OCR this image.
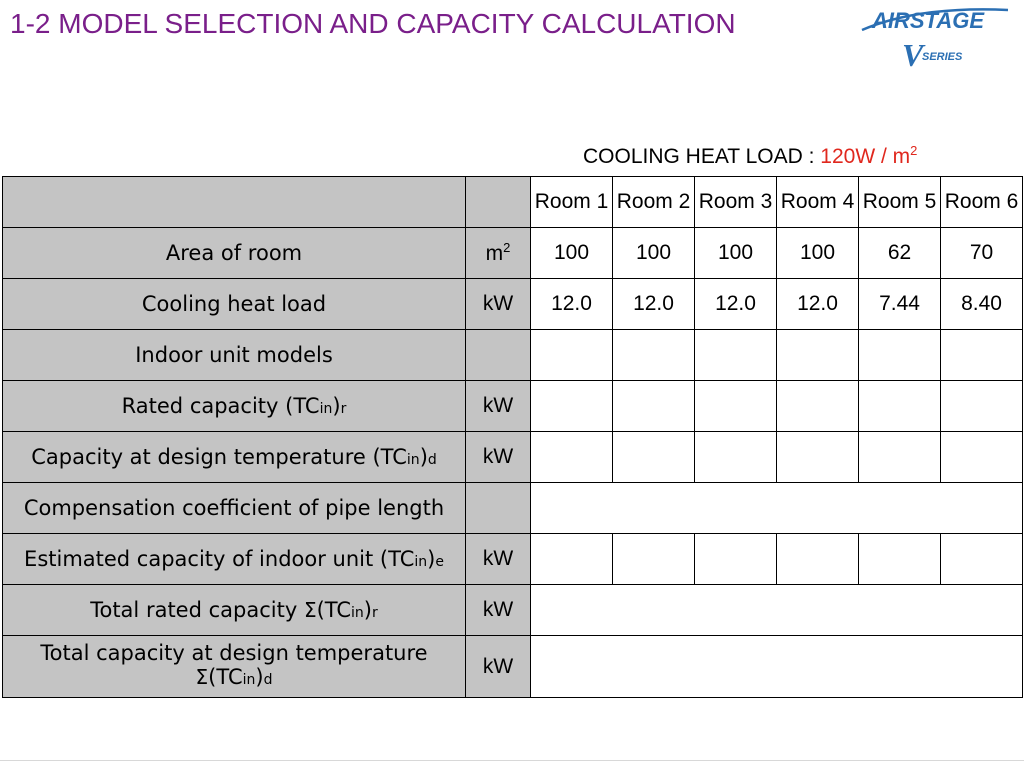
1-2 MODEL SELECTION AND CAPACITY CALCULATION	AIRSTAGE
V
SERIES
COOLING HEAT LOAD : $120W / m^2$
		Room 1	Room 2	Room 3	Room 4	Room 5	Room 6
Area of room	$m^2$	100	100	100	100	62	70
Cooling heat load	kW	12.0	12.0	12.0	12.0	7.44	8.40
Indoor unit models							
Rated capacity (TCin)r	kW						
Capacity at design temperature (TCin)d	kW						
Compensation coefficient of pipe length							
Estimated capacity of indoor unit (TCin)e	kW						
Total rated capacity Σ(TCin)r	kW						

Total capacity at design temperature
Σ(TCin)d	kW						
